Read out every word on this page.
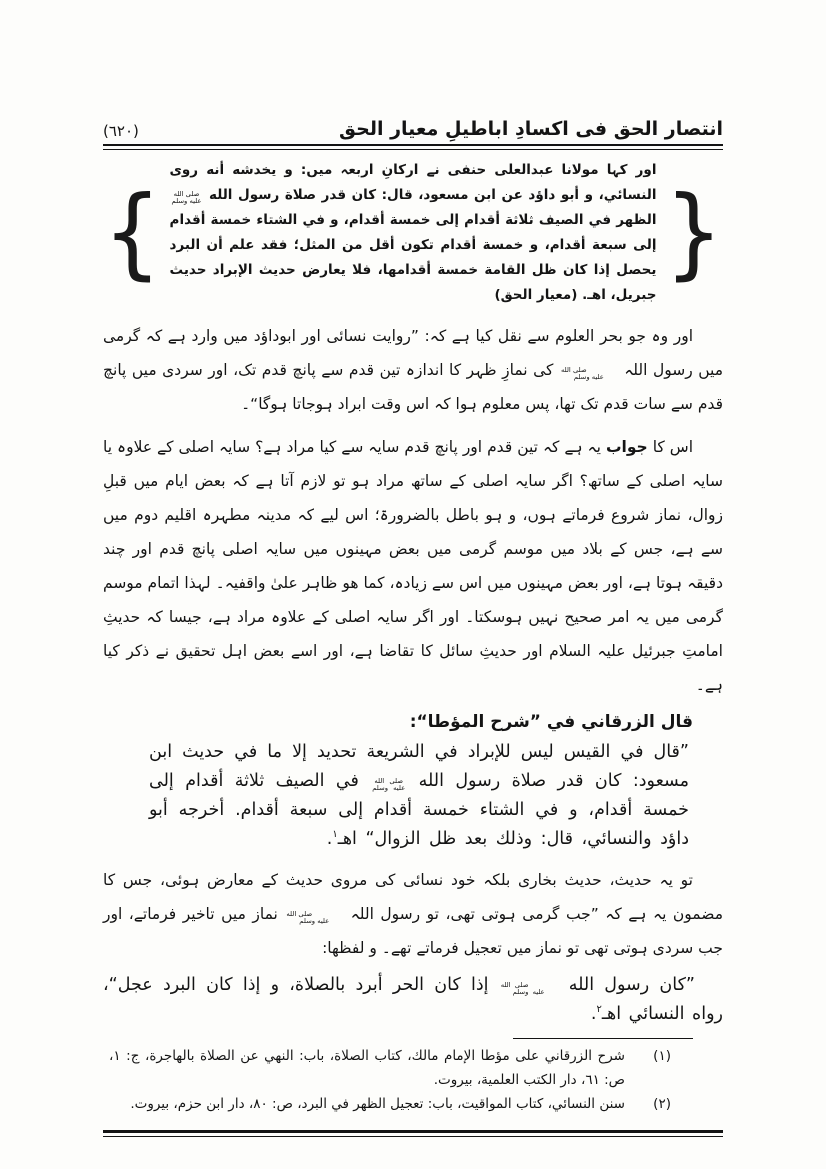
انتصار الحق فی اکسادِ اباطیلِ معیار الحق
(٦٢٠)
{
اور کہا مولانا عبدالعلی حنفی نے ارکانِ اربعہ میں: و یخدشه أنه روى النسائي، و أبو داؤد عن ابن مسعود، قال: كان قدر صلاة رسول الله صلى الله
عليه وسلم الظهر في الصيف ثلاثة أقدام إلى خمسة أقدام، و في الشتاء خمسة أقدام إلى سبعة أقدام، و خمسة أقدام تكون أقل من المثل؛ فقد علم أن البرد يحصل إذا كان ظل القامة خمسة أقدامها، فلا يعارض حديث الإبراد حديث جبريل، اهـ. (معیار الحق)
}

اور وہ جو بحر العلوم سے نقل کیا ہے کہ: ”روایت نسائی اور ابوداؤد میں وارد ہے کہ گرمی میں رسول اللہ صلى الله
عليه وسلم کی نمازِ ظہر کا اندازہ تین قدم سے پانچ قدم تک، اور سردی میں پانچ قدم سے سات قدم تک تھا، پس معلوم ہوا کہ اس وقت ابراد ہوجاتا ہوگا“۔

اس کا جواب یہ ہے کہ تین قدم اور پانچ قدم سایہ سے کیا مراد ہے؟ سایہ اصلی کے علاوہ یا سایہ اصلی کے ساتھ؟ اگر سایہ اصلی کے ساتھ مراد ہو تو لازم آتا ہے کہ بعض ایام میں قبلِ زوال، نماز شروع فرماتے ہوں، و ہو باطل بالضرورۃ؛ اس لیے کہ مدینہ مطہرہ اقلیم دوم میں سے ہے، جس کے بلاد میں موسم گرمی میں بعض مہینوں میں سایہ اصلی پانچ قدم اور چند دقیقہ ہوتا ہے، اور بعض مہینوں میں اس سے زیادہ، کما ھو ظاہر علیٰ واقفیہ۔ لہذا اتمام موسم گرمی میں یہ امر صحیح نہیں ہوسکتا۔ اور اگر سایہ اصلی کے علاوہ مراد ہے، جیسا کہ حدیثِ امامتِ جبرئیل علیہ السلام اور حدیثِ سائل کا تقاضا ہے، اور اسے بعض اہل تحقیق نے ذکر کیا ہے۔

قال الزرقاني في ”شرح المؤطا“:

”قال في القيس ليس للإبراد في الشريعة تحديد إلا ما في حديث ابن مسعود: كان قدر صلاة رسول الله صلى الله
عليه وسلم في الصيف ثلاثة أقدام إلى خمسة أقدام، و في الشتاء خمسة أقدام إلى سبعة أقدام. أخرجه أبو داؤد والنسائي، قال: وذلك بعد ظل الزوال“ اهـ$^١$.

تو یہ حدیث، حدیث بخاری بلکہ خود نسائی کی مروی حدیث کے معارض ہوئی، جس کا مضمون یہ ہے کہ ”جب گرمی ہوتی تھی، تو رسول اللہ صلى الله
عليه وسلم نماز میں تاخیر فرماتے، اور جب سردی ہوتی تھی تو نماز میں تعجیل فرماتے تھے۔ و لفظھا:

”كان رسول الله صلى الله
عليه وسلم إذا كان الحر أبرد بالصلاة، و إذا كان البرد عجل“، رواه النسائي اهـ$^٢$.

(١)
شرح الزرقاني على مؤطا الإمام مالك، كتاب الصلاة، باب: النهي عن الصلاة بالهاجرة، ج: ١، ص: ٦١، دار الكتب العلمية، بيروت.
(٢)
سنن النسائي، كتاب المواقيت، باب: تعجيل الظهر في البرد، ص: ٨٠، دار ابن حزم، بيروت.
